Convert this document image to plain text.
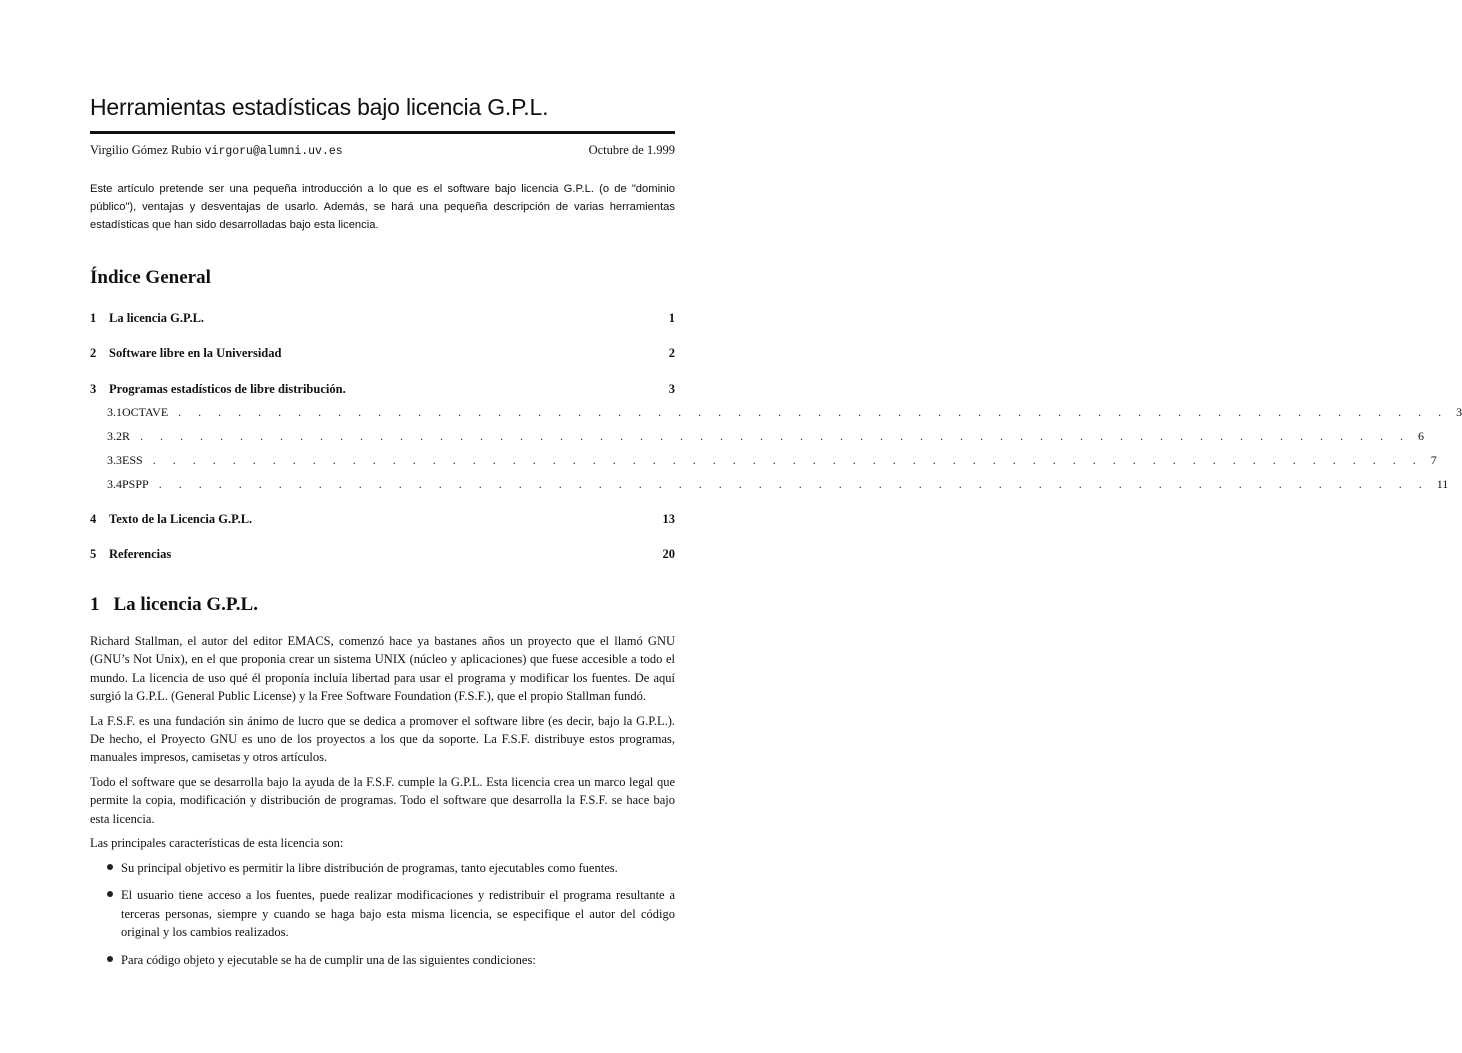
Herramientas estadísticas bajo licencia G.P.L.
Virgilio Gómez Rubio virgoru@alumni.uv.es	Octubre de 1.999

Este artículo pretende ser una pequeña introducción a lo que es el software bajo licencia G.P.L. (o de "dominio público"), ventajas y desventajas de usarlo. Además, se hará una pequeña descripción de varias herramientas estadísticas que han sido desarrolladas bajo esta licencia.

Índice General
1	La licencia G.P.L.	1
2	Software libre en la Universidad	2
3	Programas estadísticos de libre distribución.	3
3.1 OCTAVE . . . . . . . . . . . . . . . . . . . . . . . . . . . . . . . . . . . . . . . . . . . . . . . . . . . . . . . . . . . . . . . . 3
3.2 R . . . . . . . . . . . . . . . . . . . . . . . . . . . . . . . . . . . . . . . . . . . . . . . . . . . . . . . . . . . . . . . . 6
3.3 ESS . . . . . . . . . . . . . . . . . . . . . . . . . . . . . . . . . . . . . . . . . . . . . . . . . . . . . . . . . . . . . . . . 7
3.4 PSPP . . . . . . . . . . . . . . . . . . . . . . . . . . . . . . . . . . . . . . . . . . . . . . . . . . . . . . . . . . . . . . . . 11
4	Texto de la Licencia G.P.L.	13
5	Referencias	20
1 La licencia G.P.L.

Richard Stallman, el autor del editor EMACS, comenzó hace ya bastanes años un proyecto que el llamó GNU (GNU’s Not Unix), en el que proponia crear un sistema UNIX (núcleo y aplicaciones) que fuese accesible a todo el mundo. La licencia de uso qué él proponía incluía libertad para usar el programa y modificar los fuentes. De aquí surgió la G.P.L. (General Public License) y la Free Software Foundation (F.S.F.), que el propio Stallman fundó.

La F.S.F. es una fundación sin ánimo de lucro que se dedica a promover el software libre (es decir, bajo la G.P.L.). De hecho, el Proyecto GNU es uno de los proyectos a los que da soporte. La F.S.F. distribuye estos programas, manuales impresos, camisetas y otros artículos.

Todo el software que se desarrolla bajo la ayuda de la F.S.F. cumple la G.P.L. Esta licencia crea un marco legal que permite la copia, modificación y distribución de programas. Todo el software que desarrolla la F.S.F. se hace bajo esta licencia.

Las principales características de esta licencia son:

Su principal objetivo es permitir la libre distribución de programas, tanto ejecutables como fuentes.
El usuario tiene acceso a los fuentes, puede realizar modificaciones y redistribuir el programa resultante a terceras personas, siempre y cuando se haga bajo esta misma licencia, se especifique el autor del código original y los cambios realizados.
Para código objeto y ejecutable se ha de cumplir una de las siguientes condiciones:
